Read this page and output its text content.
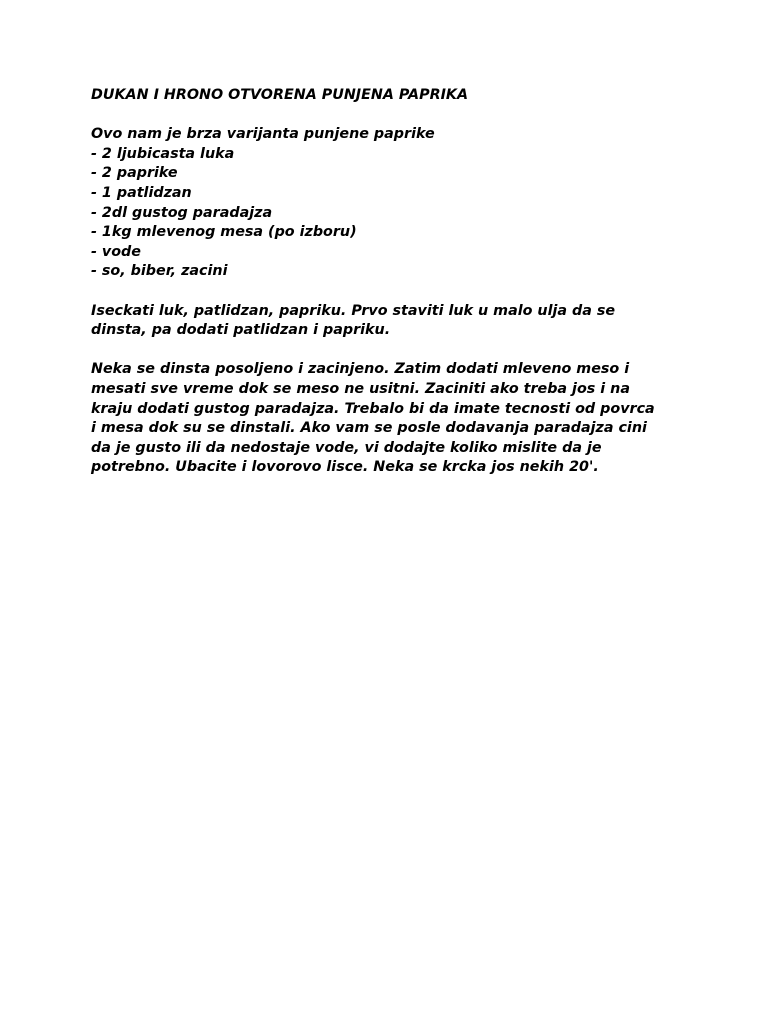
DUKAN I HRONO OTVORENA PUNJENA PAPRIKA

Ovo nam je brza varijanta punjene paprike

- 2 ljubicasta luka
- 2 paprike
- 1 patlidzan
- 2dl gustog paradajza
- 1kg mlevenog mesa (po izboru)
- vode
- so, biber, zacini

Iseckati luk, patlidzan, papriku. Prvo staviti luk u malo ulja da se
dinsta, pa dodati patlidzan i papriku.

Neka se dinsta posoljeno i zacinjeno. Zatim dodati mleveno meso i
mesati sve vreme dok se meso ne usitni. Zaciniti ako treba jos i na
kraju dodati gustog paradajza. Trebalo bi da imate tecnosti od povrca
i mesa dok su se dinstali. Ako vam se posle dodavanja paradajza cini
da je gusto ili da nedostaje vode, vi dodajte koliko mislite da je
potrebno. Ubacite i lovorovo lisce. Neka se krcka jos nekih 20'.
